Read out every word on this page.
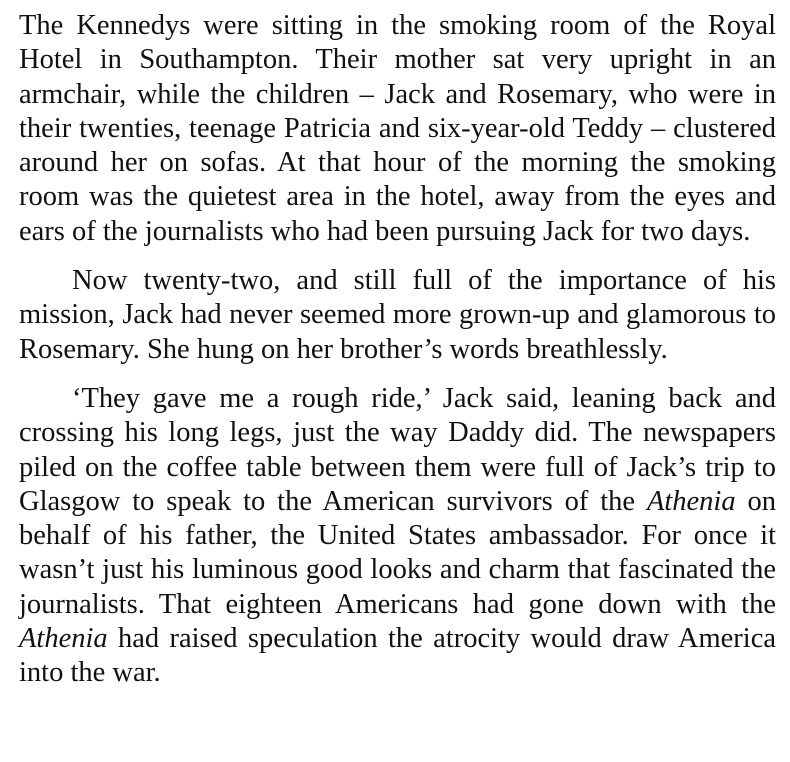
The Kennedys were sitting in the smoking room of the Royal Hotel in Southampton. Their mother sat very upright in an armchair, while the children – Jack and Rosemary, who were in their twenties, teenage Patricia and six-year-old Teddy – clustered around her on sofas. At that hour of the morning the smoking room was the quietest area in the hotel, away from the eyes and ears of the journalists who had been pursuing Jack for two days.

Now twenty-two, and still full of the importance of his mission, Jack had never seemed more grown-up and glamorous to Rosemary. She hung on her brother’s words breathlessly.

‘They gave me a rough ride,’ Jack said, leaning back and crossing his long legs, just the way Daddy did. The newspapers piled on the coffee table between them were full of Jack’s trip to Glasgow to speak to the American survivors of the Athenia on behalf of his father, the United States ambassador. For once it wasn’t just his luminous good looks and charm that fascinated the journalists. That eighteen Americans had gone down with the Athenia had raised speculation the atrocity would draw America into the war.
